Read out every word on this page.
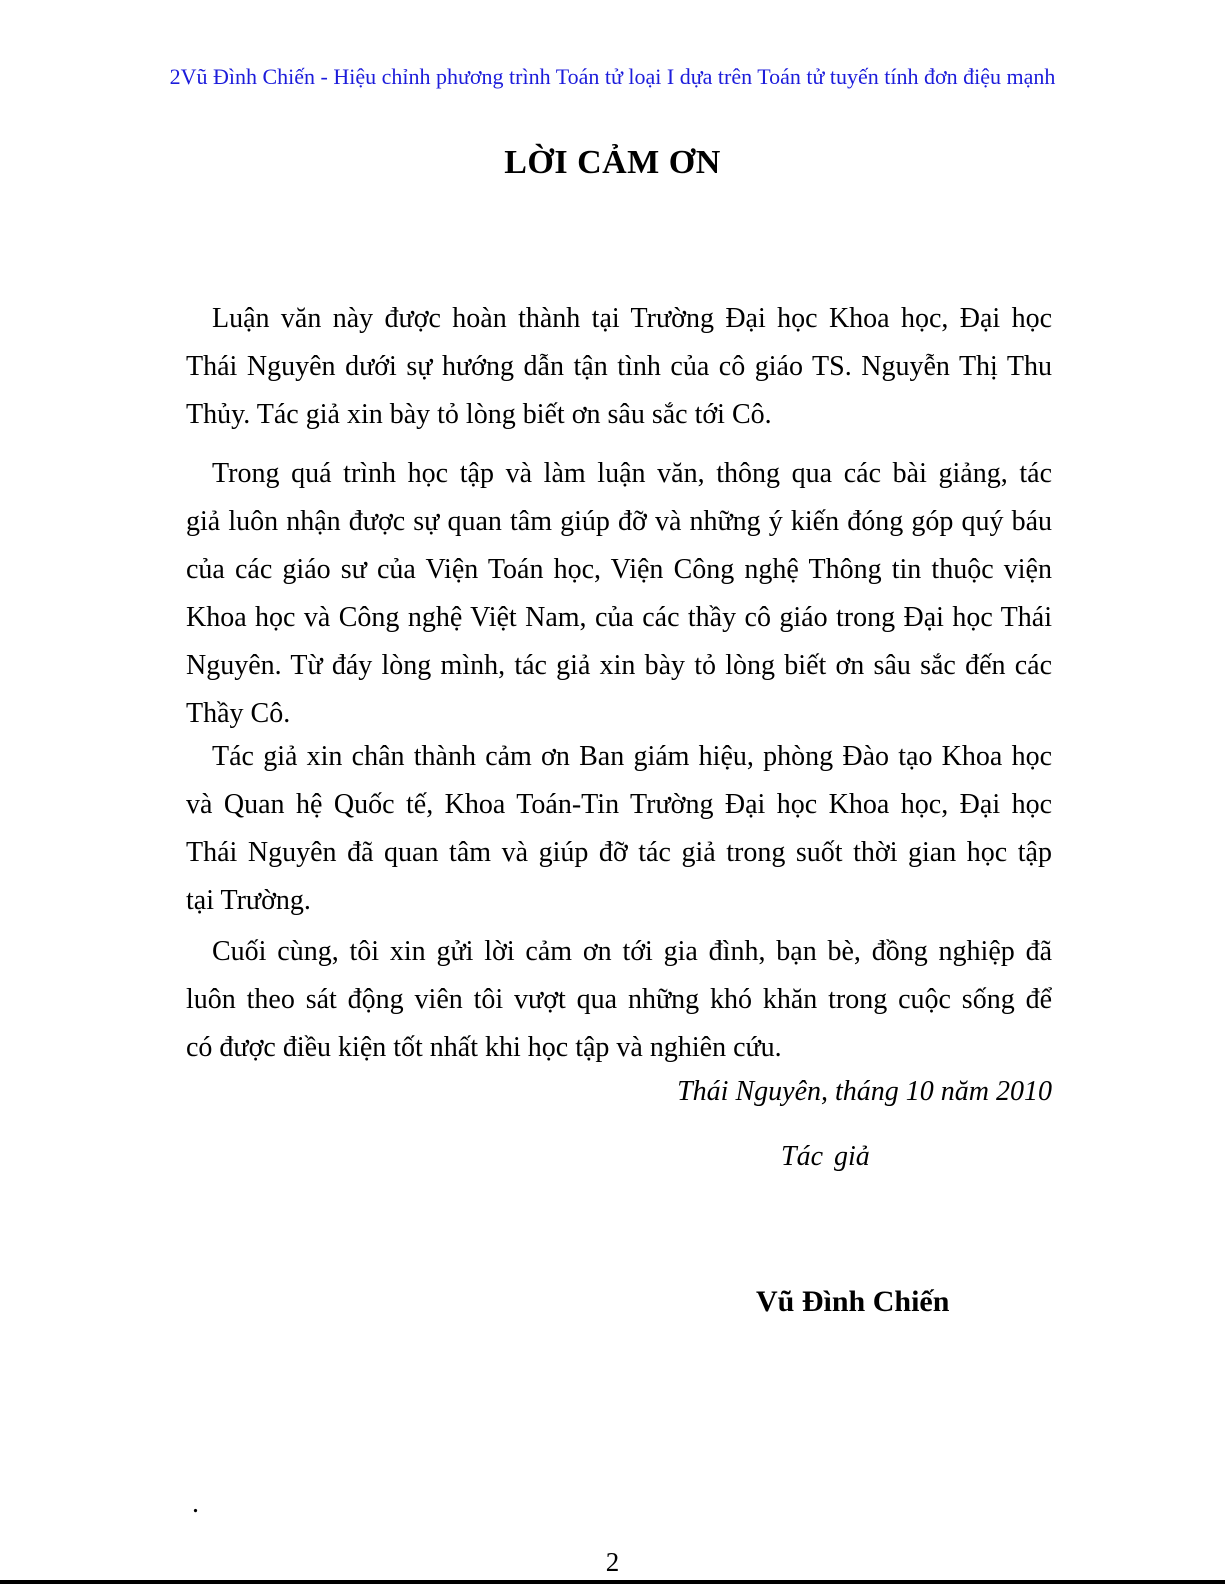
2Vũ Đình Chiến - Hiệu chỉnh phương trình Toán tử loại I dựa trên Toán tử tuyến tính đơn điệu mạnh
LỜI CẢM ƠN
Luận văn này được hoàn thành tại Trường Đại học Khoa học, Đại học
Thái Nguyên dưới sự hướng dẫn tận tình của cô giáo TS. Nguyễn Thị Thu
Thủy. Tác giả xin bày tỏ lòng biết ơn sâu sắc tới Cô.
Trong quá trình học tập và làm luận văn, thông qua các bài giảng, tác
giả luôn nhận được sự quan tâm giúp đỡ và những ý kiến đóng góp quý báu
của các giáo sư của Viện Toán học, Viện Công nghệ Thông tin thuộc viện
Khoa học và Công nghệ Việt Nam, của các thầy cô giáo trong Đại học Thái
Nguyên. Từ đáy lòng mình, tác giả xin bày tỏ lòng biết ơn sâu sắc đến các
Thầy Cô.
Tác giả xin chân thành cảm ơn Ban giám hiệu, phòng Đào tạo Khoa học
và Quan hệ Quốc tế, Khoa Toán-Tin Trường Đại học Khoa học, Đại học
Thái Nguyên đã quan tâm và giúp đỡ tác giả trong suốt thời gian học tập
tại Trường.
Cuối cùng, tôi xin gửi lời cảm ơn tới gia đình, bạn bè, đồng nghiệp đã
luôn theo sát động viên tôi vượt qua những khó khăn trong cuộc sống để
có được điều kiện tốt nhất khi học tập và nghiên cứu.
Thái Nguyên, tháng 10 năm 2010
Tác giả
Vũ Đình Chiến
.
2
